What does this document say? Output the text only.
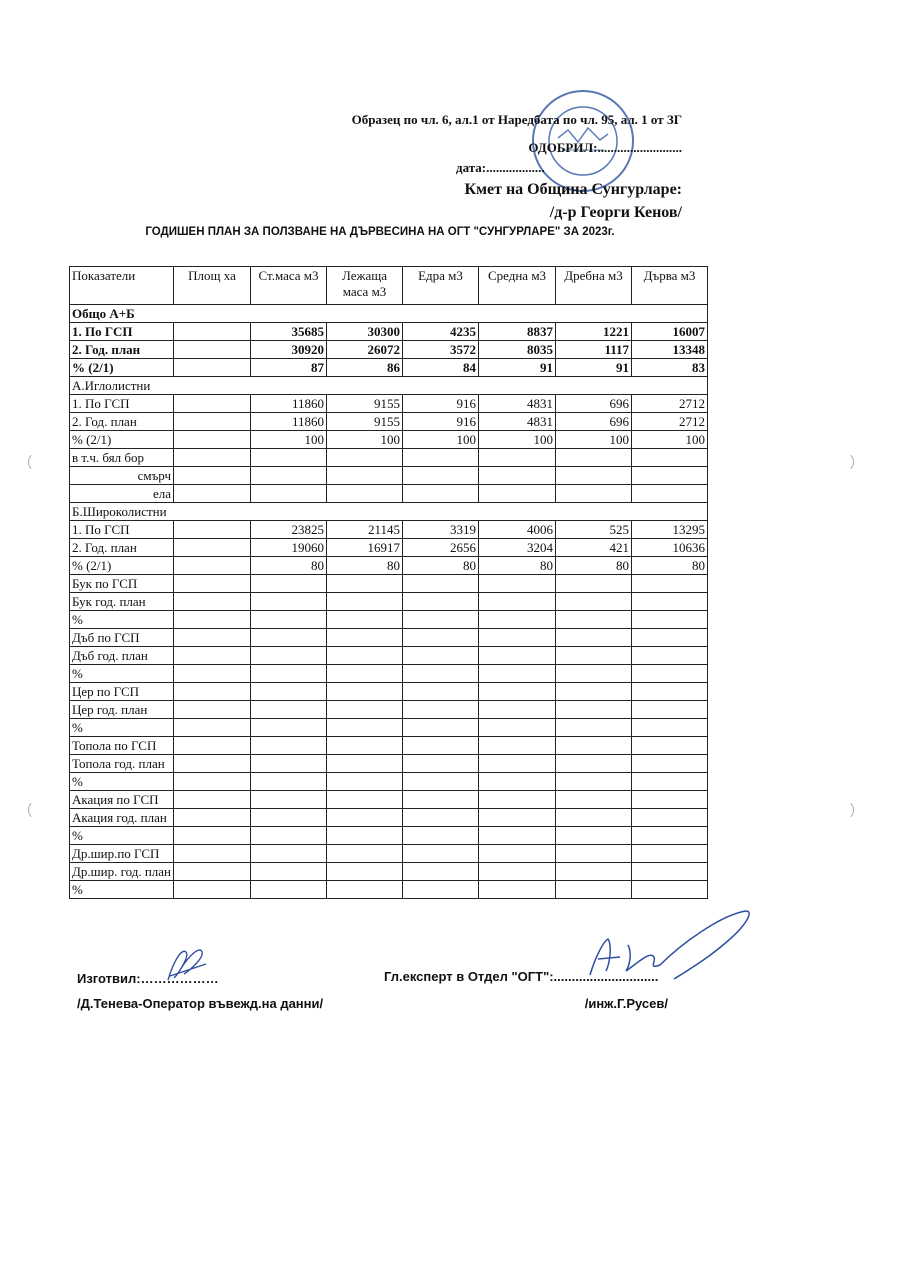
Образец по чл. 6, ал.1 от Наредбата по чл. 95, ал. 1 от ЗГ
ОДОБРИЛ:..........................
дата:..................
Кмет на Община Сунгурларе:
/д-р Георги Кенов/
ГОДИШЕН ПЛАН ЗА ПОЛЗВАНЕ НА ДЪРВЕСИНА НА ОГТ "СУНГУРЛАРЕ" ЗА 2023г.
Показатели	Площ ха	Ст.маса м3	Лежаща маса м3	Едра м3	Средна м3	Дребна м3	Дърва м3
Общо А+Б							
1. По ГСП		35685	30300	4235	8837	1221	16007
2. Год. план		30920	26072	3572	8035	1117	13348
% (2/1)		87	86	84	91	91	83
А.Иглолистни							
1. По ГСП		11860	9155	916	4831	696	2712
2. Год. план		11860	9155	916	4831	696	2712
% (2/1)		100	100	100	100	100	100
в т.ч. бял бор							
смърч							
ела							
Б.Широколистни							
1. По ГСП		23825	21145	3319	4006	525	13295
2. Год. план		19060	16917	2656	3204	421	10636
% (2/1)		80	80	80	80	80	80
Бук по ГСП							
Бук год. план							
%							
Дъб по ГСП							
Дъб год. план							
%							
Цер по ГСП							
Цер год. план							
%							
Топола по ГСП							
Топола год. план							
%							
Акация по ГСП							
Акация год. план							
%							
Др.шир.по ГСП							
Др.шир. год. план							
%							
Изготвил:………………
/Д.Тенева-Оператор въвежд.на данни/
Гл.експерт в Отдел "ОГТ":.............................
/инж.Г.Русев/
